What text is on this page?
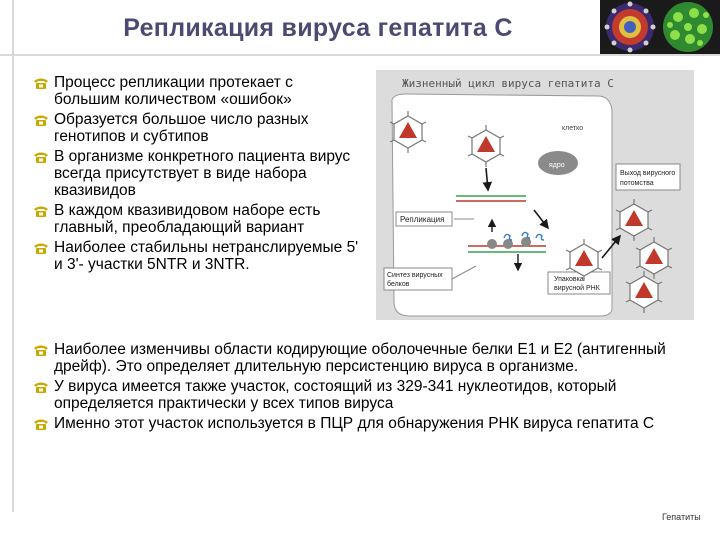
Репликация вируса гепатита С
Процесс репликации протекает с большим количеством «ошибок»
Образуется большое число разных генотипов и субтипов
В организме конкретного пациента вирус всегда присутствует в виде набора квазивидов
В каждом квазивидовом наборе есть главный, преобладающий вариант
Наиболее стабильны нетранслируемые 5' и 3'- участки 5NTR и 3NTR.
Жизненный цикл вируса гепатита С
клетко
ядро
Репликация
Выход вирусного
потомства
Синтез вирусных
белков
Упаковка
вирусной РНК
Наиболее изменчивы области кодирующие оболочечные белки Е1 и Е2 (антигенный дрейф). Это определяет длительную персистенцию вируса в организме.
У вируса имеется также участок, состоящий из 329-341 нуклеотидов, который определяется практически у всех типов вируса
Именно этот участок используется в ПЦР для обнаружения РНК вируса гепатита С
Гепатиты
